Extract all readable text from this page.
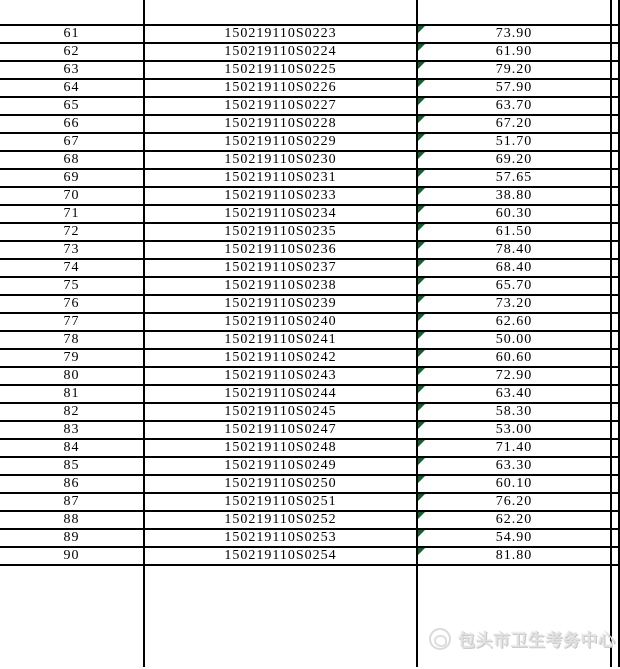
61	150219110S0223	73.90	
62	150219110S0224	61.90	
63	150219110S0225	79.20	
64	150219110S0226	57.90	
65	150219110S0227	63.70	
66	150219110S0228	67.20	
67	150219110S0229	51.70	
68	150219110S0230	69.20	
69	150219110S0231	57.65	
70	150219110S0233	38.80	
71	150219110S0234	60.30	
72	150219110S0235	61.50	
73	150219110S0236	78.40	
74	150219110S0237	68.40	
75	150219110S0238	65.70	
76	150219110S0239	73.20	
77	150219110S0240	62.60	
78	150219110S0241	50.00	
79	150219110S0242	60.60	
80	150219110S0243	72.90	
81	150219110S0244	63.40	
82	150219110S0245	58.30	
83	150219110S0247	53.00	
84	150219110S0248	71.40	
85	150219110S0249	63.30	
86	150219110S0250	60.10	
87	150219110S0251	76.20	
88	150219110S0252	62.20	
89	150219110S0253	54.90	
90	150219110S0254	81.80	

包头市卫生考务中心
